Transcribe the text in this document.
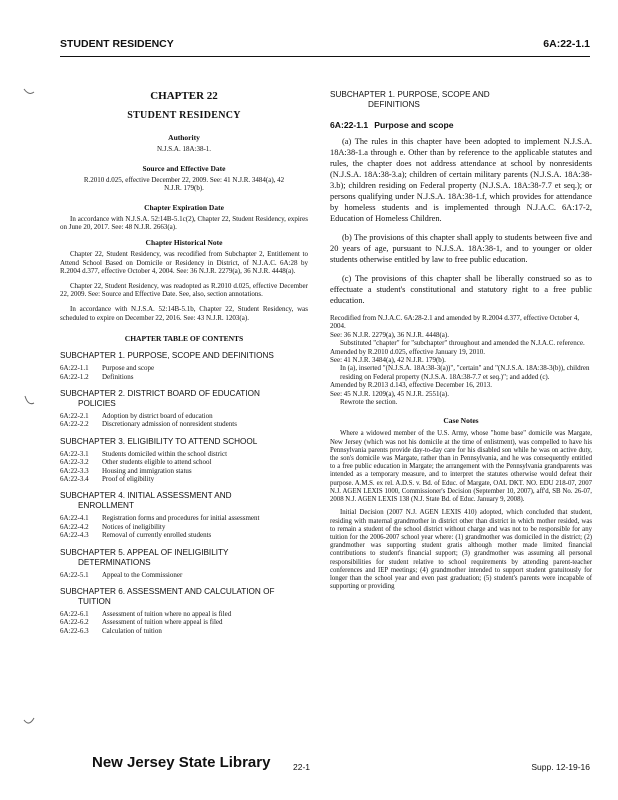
STUDENT RESIDENCY	6A:22-1.1
CHAPTER 22
STUDENT RESIDENCY
Authority
N.J.S.A. 18A:38-1.
Source and Effective Date
R.2010 d.025, effective December 22, 2009. See: 41 N.J.R. 3484(a), 42 N.J.R. 179(b).
Chapter Expiration Date
In accordance with N.J.S.A. 52:14B-5.1c(2), Chapter 22, Student Residency, expires on June 20, 2017. See: 48 N.J.R. 2663(a).
Chapter Historical Note
Chapter 22, Student Residency, was recodified from Subchapter 2, Entitlement to Attend School Based on Domicile or Residency in District, of N.J.A.C. 6A:28 by R.2004 d.377, effective October 4, 2004. See: 36 N.J.R. 2279(a), 36 N.J.R. 4448(a).
Chapter 22, Student Residency, was readopted as R.2010 d.025, effective December 22, 2009. See: Source and Effective Date. See, also, section annotations.
In accordance with N.J.S.A. 52:14B-5.1b, Chapter 22, Student Residency, was scheduled to expire on December 22, 2016. See: 43 N.J.R. 1203(a).
CHAPTER TABLE OF CONTENTS
SUBCHAPTER 1. PURPOSE, SCOPE AND DEFINITIONS
6A:22-1.1	Purpose and scope
6A:22-1.2	Definitions
SUBCHAPTER 2. DISTRICT BOARD OF EDUCATION
POLICIES
6A:22-2.1	Adoption by district board of education
6A:22-2.2	Discretionary admission of nonresident students
SUBCHAPTER 3. ELIGIBILITY TO ATTEND SCHOOL
6A:22-3.1	Students domiciled within the school district
6A:22-3.2	Other students eligible to attend school
6A:22-3.3	Housing and immigration status
6A:22-3.4	Proof of eligibility
SUBCHAPTER 4. INITIAL ASSESSMENT AND
ENROLLMENT
6A:22-4.1	Registration forms and procedures for initial assessment
6A:22-4.2	Notices of ineligibility
6A:22-4.3	Removal of currently enrolled students
SUBCHAPTER 5. APPEAL OF INELIGIBILITY
DETERMINATIONS
6A:22-5.1	Appeal to the Commissioner
SUBCHAPTER 6. ASSESSMENT AND CALCULATION OF
TUITION
6A:22-6.1	Assessment of tuition where no appeal is filed
6A:22-6.2	Assessment of tuition where appeal is filed
6A:22-6.3	Calculation of tuition
SUBCHAPTER 1. PURPOSE, SCOPE AND
DEFINITIONS
6A:22-1.1 Purpose and scope
(a) The rules in this chapter have been adopted to implement N.J.S.A. 18A:38-1.a through e. Other than by reference to the applicable statutes and rules, the chapter does not address attendance at school by nonresidents (N.J.S.A. 18A:38-3.a); children of certain military parents (N.J.S.A. 18A:38-3.b); children residing on Federal property (N.J.S.A. 18A:38-7.7 et seq.); or persons qualifying under N.J.S.A. 18A:38-1.f, which provides for attendance by homeless students and is implemented through N.J.A.C. 6A:17-2, Education of Homeless Children.
(b) The provisions of this chapter shall apply to students between five and 20 years of age, pursuant to N.J.S.A. 18A:38-1, and to younger or older students otherwise entitled by law to free public education.
(c) The provisions of this chapter shall be liberally construed so as to effectuate a student's constitutional and statutory right to a free public education.
Recodified from N.J.A.C. 6A:28-2.1 and amended by R.2004 d.377, effective October 4, 2004.
See: 36 N.J.R. 2279(a), 36 N.J.R. 4448(a).
Substituted "chapter" for "subchapter" throughout and amended the N.J.A.C. reference.
Amended by R.2010 d.025, effective January 19, 2010.
See: 41 N.J.R. 3484(a), 42 N.J.R. 179(b).
In (a), inserted "(N.J.S.A. 18A:38-3(a))", "certain" and "(N.J.S.A. 18A:38-3(b)), children residing on Federal property (N.J.S.A. 18A:38-7.7 et seq.)"; and added (c).
Amended by R.2013 d.143, effective December 16, 2013.
See: 45 N.J.R. 1209(a), 45 N.J.R. 2551(a).
Rewrote the section.
Case Notes
Where a widowed member of the U.S. Army, whose "home base" domicile was Margate, New Jersey (which was not his domicile at the time of enlistment), was compelled to have his Pennsylvania parents provide day-to-day care for his disabled son while he was on active duty, the son's domicile was Margate, rather than in Pennsylvania, and he was consequently entitled to a free public education in Margate; the arrangement with the Pennsylvania grandparents was intended as a temporary measure, and to interpret the statutes otherwise would defeat their purpose. A.M.S. ex rel. A.D.S. v. Bd. of Educ. of Margate, OAL DKT. NO. EDU 218-07, 2007 N.J. AGEN LEXIS 1000, Commissioner's Decision (September 10, 2007), aff'd, SB No. 26-07, 2008 N.J. AGEN LEXIS 138 (N.J. State Bd. of Educ. January 9, 2008).
Initial Decision (2007 N.J. AGEN LEXIS 410) adopted, which concluded that student, residing with maternal grandmother in district other than district in which mother resided, was to remain a student of the school district without charge and was not to be responsible for any tuition for the 2006-2007 school year where: (1) grandmother was domiciled in the district; (2) grandmother was supporting student gratis although mother made limited financial contributions to student's financial support; (3) grandmother was assuming all personal responsibilities for student relative to school requirements by attending parent-teacher conferences and IEP meetings; (4) grandmother intended to support student gratuitously for longer than the school year and even past graduation; (5) student's parents were incapable of supporting or providing
New Jersey State Library	22-1	Supp. 12-19-16
